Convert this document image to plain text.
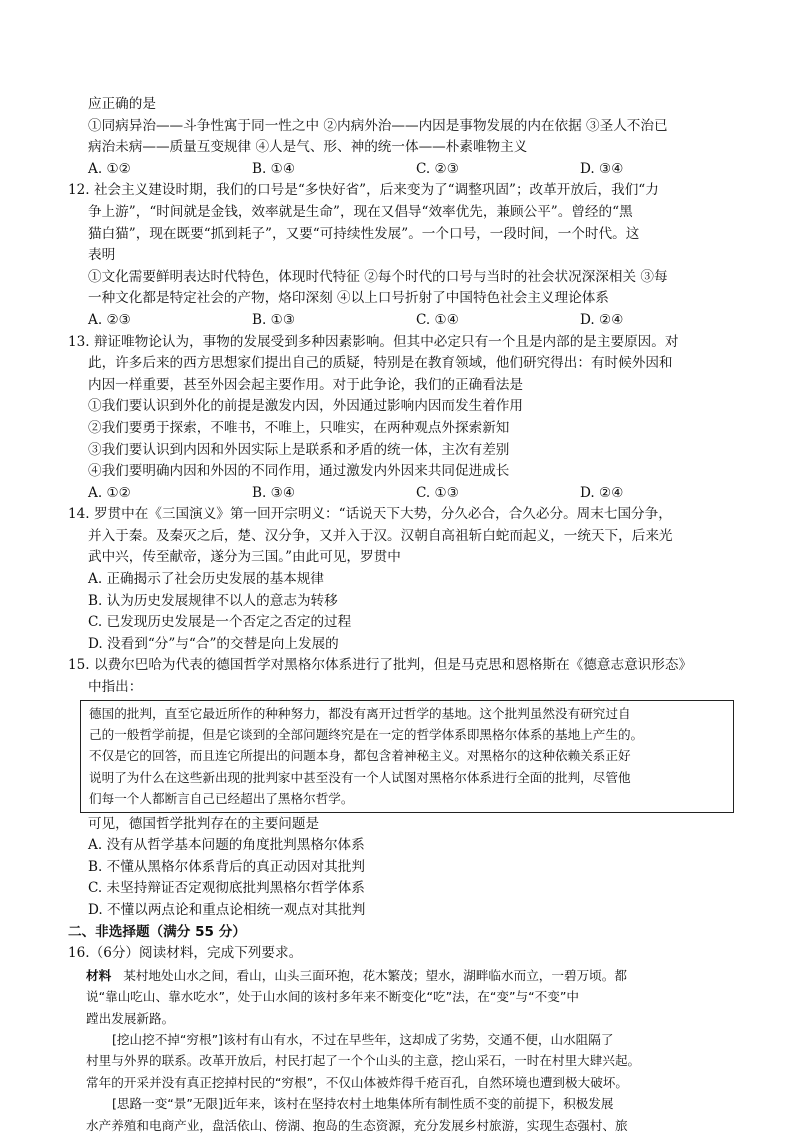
应正确的是
①同病异治——斗争性寓于同一性之中 ②内病外治——内因是事物发展的内在依据 ③圣人不治已
病治未病——质量互变规律 ④人是气、形、神的统一体——朴素唯物主义
A. ①②	B. ①④	C. ②③	D. ③④
12. 社会主义建设时期，我们的口号是“多快好省”，后来变为了“调整巩固”；改革开放后，我们“力
争上游”，“时间就是金钱，效率就是生命”，现在又倡导“效率优先，兼顾公平”。曾经的“黑
猫白猫”，现在既要“抓到耗子”，又要“可持续性发展”。一个口号，一段时间，一个时代。这
表明
①文化需要鲜明表达时代特色，体现时代特征 ②每个时代的口号与当时的社会状况深深相关 ③每
一种文化都是特定社会的产物，烙印深刻 ④以上口号折射了中国特色社会主义理论体系
A. ②③	B. ①③	C. ①④	D. ②④
13. 辩证唯物论认为，事物的发展受到多种因素影响。但其中必定只有一个且是内部的是主要原因。对
此，许多后来的西方思想家们提出自己的质疑，特别是在教育领域，他们研究得出：有时候外因和
内因一样重要，甚至外因会起主要作用。对于此争论，我们的正确看法是
①我们要认识到外化的前提是激发内因，外因通过影响内因而发生着作用
②我们要勇于探索，不唯书，不唯上，只唯实，在两种观点外探索新知
③我们要认识到内因和外因实际上是联系和矛盾的统一体，主次有差别
④我们要明确内因和外因的不同作用，通过激发内外因来共同促进成长
A. ①②	B. ③④	C. ①③	D. ②④
14. 罗贯中在《三国演义》第一回开宗明义：“话说天下大势，分久必合，合久必分。周末七国分争，
并入于秦。及秦灭之后，楚、汉分争，又并入于汉。汉朝自高祖斩白蛇而起义，一统天下，后来光
武中兴，传至献帝，遂分为三国。”由此可见，罗贯中
A. 正确揭示了社会历史发展的基本规律
B. 认为历史发展规律不以人的意志为转移
C. 已发现历史发展是一个否定之否定的过程
D. 没看到“分”与“合”的交替是向上发展的
15. 以费尔巴哈为代表的德国哲学对黑格尔体系进行了批判，但是马克思和恩格斯在《德意志意识形态》
中指出：
德国的批判，直至它最近所作的种种努力，都没有离开过哲学的基地。这个批判虽然没有研究过自
己的一般哲学前提，但是它谈到的全部问题终究是在一定的哲学体系即黑格尔体系的基地上产生的。
不仅是它的回答，而且连它所提出的问题本身，都包含着神秘主义。对黑格尔的这种依赖关系正好
说明了为什么在这些新出现的批判家中甚至没有一个人试图对黑格尔体系进行全面的批判，尽管他
们每一个人都断言自己已经超出了黑格尔哲学。
可见，德国哲学批判存在的主要问题是
A. 没有从哲学基本问题的角度批判黑格尔体系
B. 不懂从黑格尔体系背后的真正动因对其批判
C. 未坚持辩证否定观彻底批判黑格尔哲学体系
D. 不懂以两点论和重点论相统一观点对其批判
二、非选择题（满分 55 分）
16.（6分）阅读材料，完成下列要求。
材料 某村地处山水之间，看山，山头三面环抱，花木繁茂；望水，湖畔临水而立，一碧万顷。都
说“靠山吃山、靠水吃水”，处于山水间的该村多年来不断变化“吃”法，在“变”与“不变”中
蹚出发展新路。
[挖山挖不掉“穷根”]该村有山有水，不过在早些年，这却成了劣势，交通不便，山水阻隔了
村里与外界的联系。改革开放后，村民打起了一个个山头的主意，挖山采石，一时在村里大肆兴起。
常年的开采并没有真正挖掉村民的“穷根”，不仅山体被炸得千疮百孔，自然环境也遭到极大破坏。
[思路一变“景”无限]近年来，该村在坚持农村土地集体所有制性质不变的前提下，积极发展
水产养殖和电商产业，盘活依山、傍湖、抱岛的生态资源，充分发展乡村旅游，实现生态强村、旅
